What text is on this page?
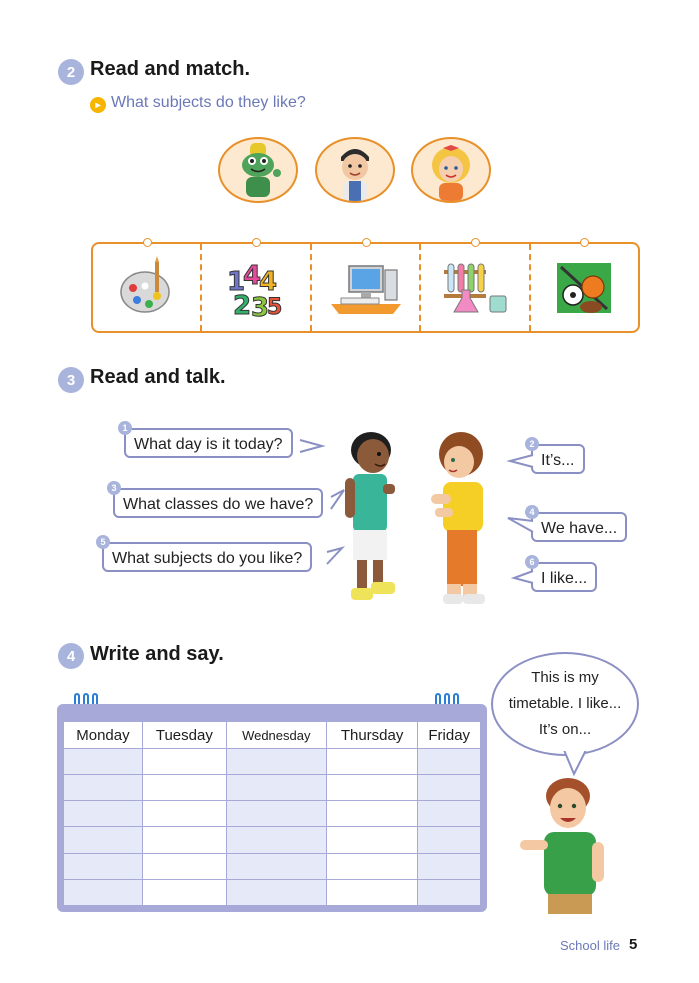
2 Read and match.
▸ What subjects do they like?
1
4
4
2 3
5
3 Read and talk.
What day is it today?
1
It’s...
2
What classes do we have?
3
We have...
4
What subjects do you like?
5
I like...
6
4 Write and say.
Monday	Tuesday	Wednesday	Thursday	Friday

This is my
timetable. I like...
It’s on...
School life 5
